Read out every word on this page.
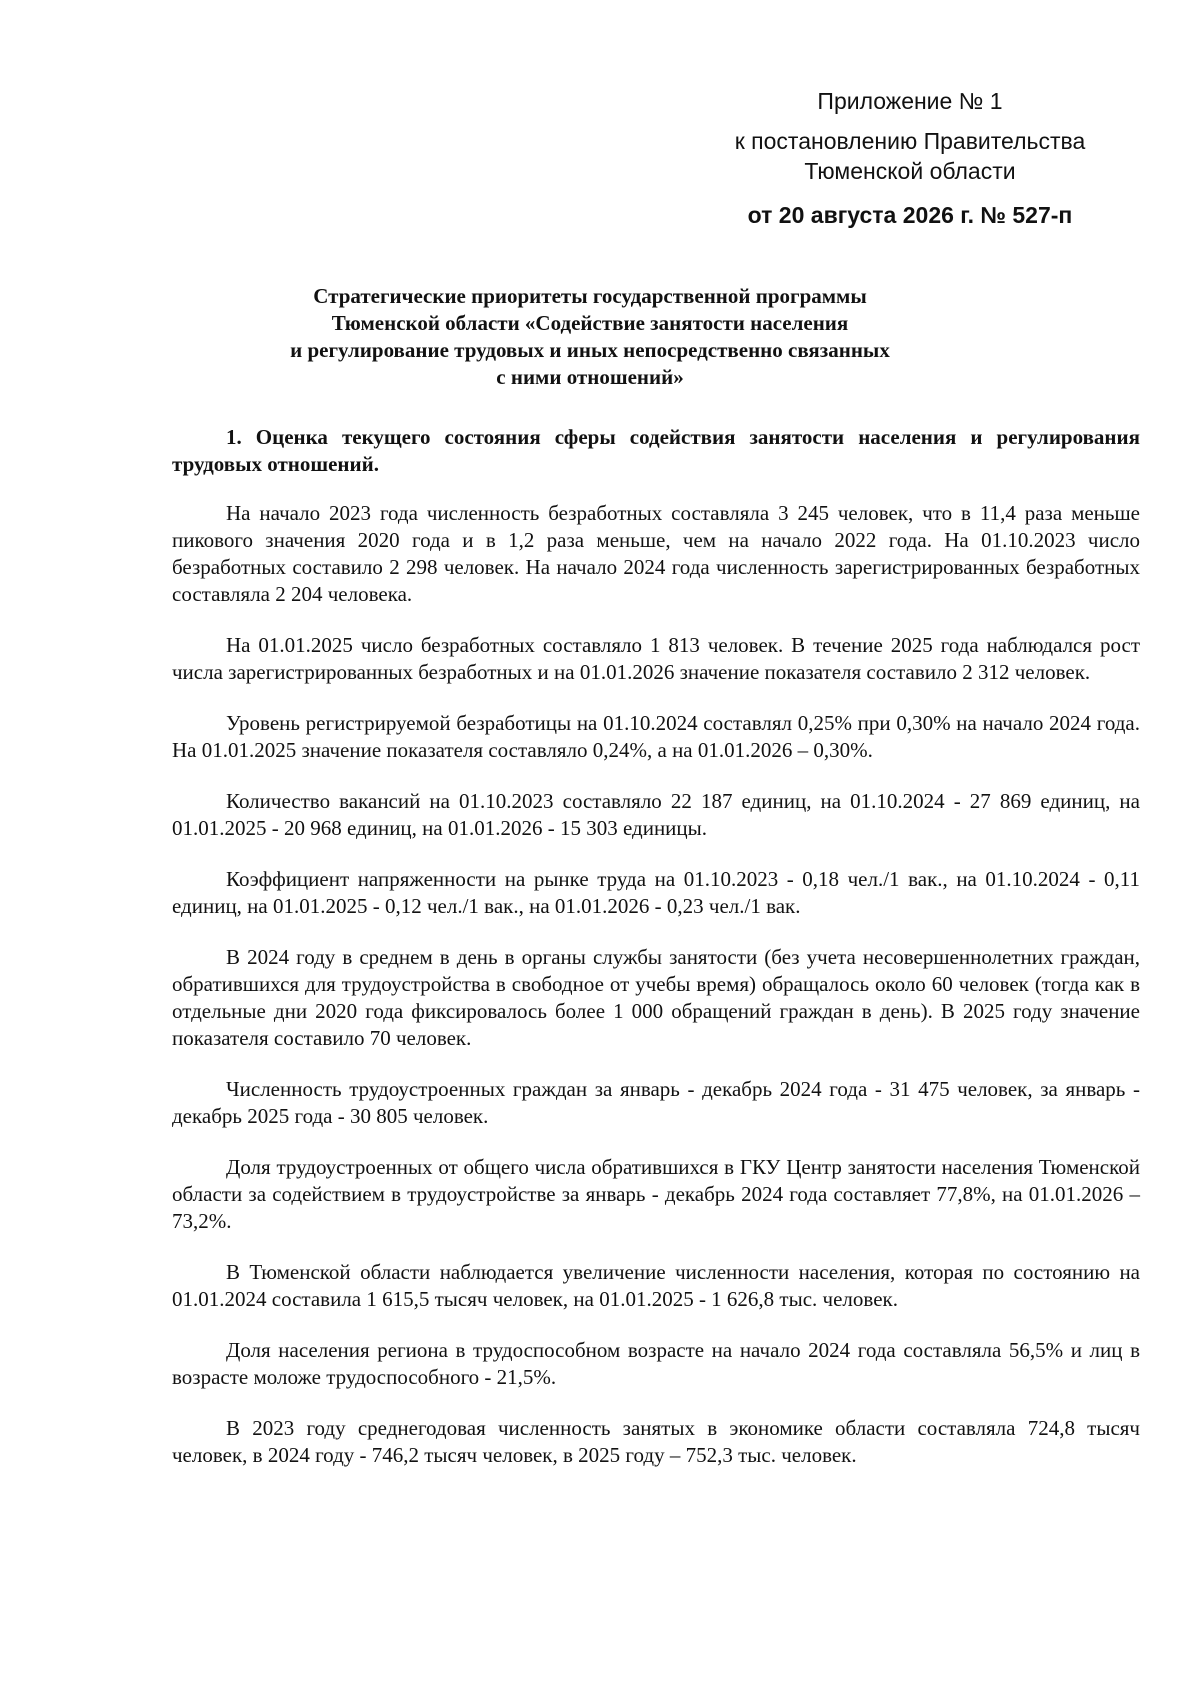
Приложение № 1
к постановлению Правительства
Тюменской области
от 20 августа 2026 г. № 527-п
Стратегические приоритеты государственной программы
Тюменской области «Содействие занятости населения
и регулирование трудовых и иных непосредственно связанных
с ними отношений»

1. Оценка текущего состояния сферы содействия занятости населения и регулирования трудовых отношений.

На начало 2023 года численность безработных составляла 3 245 человек, что в 11,4 раза меньше пикового значения 2020 года и в 1,2 раза меньше, чем на начало 2022 года. На 01.10.2023 число безработных составило 2 298 человек. На начало 2024 года численность зарегистрированных безработных составляла 2 204 человека.

На 01.01.2025 число безработных составляло 1 813 человек. В течение 2025 года наблюдался рост числа зарегистрированных безработных и на 01.01.2026 значение показателя составило 2 312 человек.

Уровень регистрируемой безработицы на 01.10.2024 составлял 0,25% при 0,30% на начало 2024 года. На 01.01.2025 значение показателя составляло 0,24%, а на 01.01.2026 – 0,30%.

Количество вакансий на 01.10.2023 составляло 22 187 единиц, на 01.10.2024 - 27 869 единиц, на 01.01.2025 - 20 968 единиц, на 01.01.2026 - 15 303 единицы.

Коэффициент напряженности на рынке труда на 01.10.2023 - 0,18 чел./1 вак., на 01.10.2024 - 0,11 единиц, на 01.01.2025 - 0,12 чел./1 вак., на 01.01.2026 - 0,23 чел./1 вак.

В 2024 году в среднем в день в органы службы занятости (без учета несовершеннолетних граждан, обратившихся для трудоустройства в свободное от учебы время) обращалось около 60 человек (тогда как в отдельные дни 2020 года фиксировалось более 1 000 обращений граждан в день). В 2025 году значение показателя составило 70 человек.

Численность трудоустроенных граждан за январь - декабрь 2024 года - 31 475 человек, за январь - декабрь 2025 года - 30 805 человек.

Доля трудоустроенных от общего числа обратившихся в ГКУ Центр занятости населения Тюменской области за содействием в трудоустройстве за январь - декабрь 2024 года составляет 77,8%, на 01.01.2026 – 73,2%.

В Тюменской области наблюдается увеличение численности населения, которая по состоянию на 01.01.2024 составила 1 615,5 тысяч человек, на 01.01.2025 - 1 626,8 тыс. человек.

Доля населения региона в трудоспособном возрасте на начало 2024 года составляла 56,5% и лиц в возрасте моложе трудоспособного - 21,5%.

В 2023 году среднегодовая численность занятых в экономике области составляла 724,8 тысяч человек, в 2024 году - 746,2 тысяч человек, в 2025 году – 752,3 тыс. человек.
